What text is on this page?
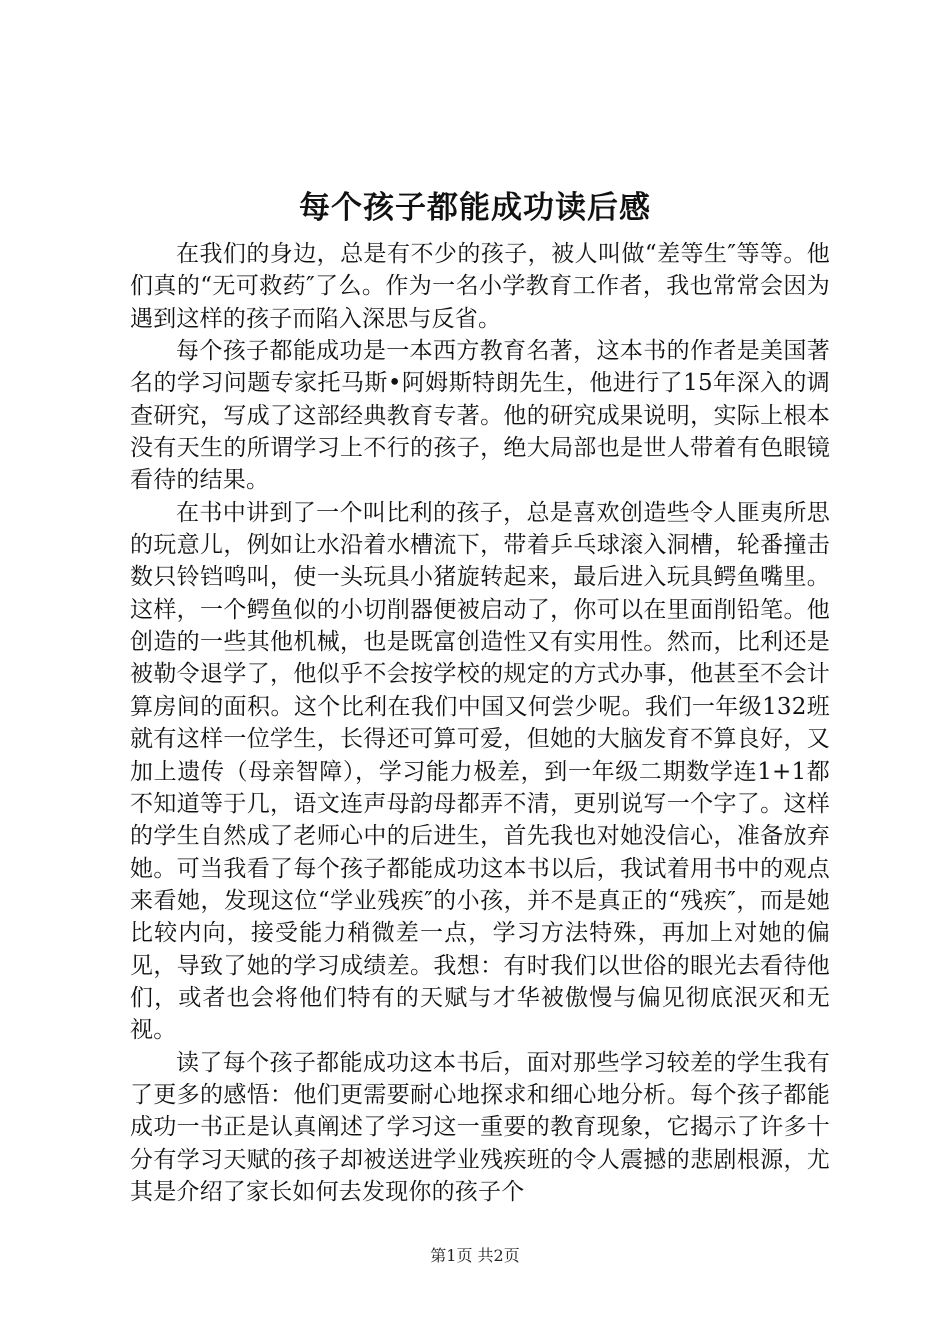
每个孩子都能成功读后感

在我们的身边，总是有不少的孩子，被人叫做“差等生″等等。他们真的“无可救药″了么。作为一名小学教育工作者，我也常常会因为遇到这样的孩子而陷入深思与反省。

每个孩子都能成功是一本西方教育名著，这本书的作者是美国著名的学习问题专家托马斯•阿姆斯特朗先生，他进行了15年深入的调查研究，写成了这部经典教育专著。他的研究成果说明，实际上根本没有天生的所谓学习上不行的孩子，绝大局部也是世人带着有色眼镜看待的结果。

在书中讲到了一个叫比利的孩子，总是喜欢创造些令人匪夷所思的玩意儿，例如让水沿着水槽流下，带着乒乓球滚入洞槽，轮番撞击数只铃铛鸣叫，使一头玩具小猪旋转起来，最后进入玩具鳄鱼嘴里。这样，一个鳄鱼似的小切削器便被启动了，你可以在里面削铅笔。他创造的一些其他机械，也是既富创造性又有实用性。然而，比利还是被勒令退学了，他似乎不会按学校的规定的方式办事，他甚至不会计算房间的面积。这个比利在我们中国又何尝少呢。我们一年级132班就有这样一位学生，长得还可算可爱，但她的大脑发育不算良好，又加上遗传（母亲智障），学习能力极差，到一年级二期数学连1+1都不知道等于几，语文连声母韵母都弄不清，更别说写一个字了。这样的学生自然成了老师心中的后进生，首先我也对她没信心，准备放弃她。可当我看了每个孩子都能成功这本书以后，我试着用书中的观点来看她，发现这位“学业残疾″的小孩，并不是真正的“残疾″，而是她比较内向，接受能力稍微差一点，学习方法特殊，再加上对她的偏见，导致了她的学习成绩差。我想：有时我们以世俗的眼光去看待他们，或者也会将他们特有的天赋与才华被傲慢与偏见彻底泯灭和无视。

读了每个孩子都能成功这本书后，面对那些学习较差的学生我有了更多的感悟：他们更需要耐心地探求和细心地分析。每个孩子都能成功一书正是认真阐述了学习这一重要的教育现象，它揭示了许多十分有学习天赋的孩子却被送进学业残疾班的令人震撼的悲剧根源，尤其是介绍了家长如何去发现你的孩子个

第1页 共2页
